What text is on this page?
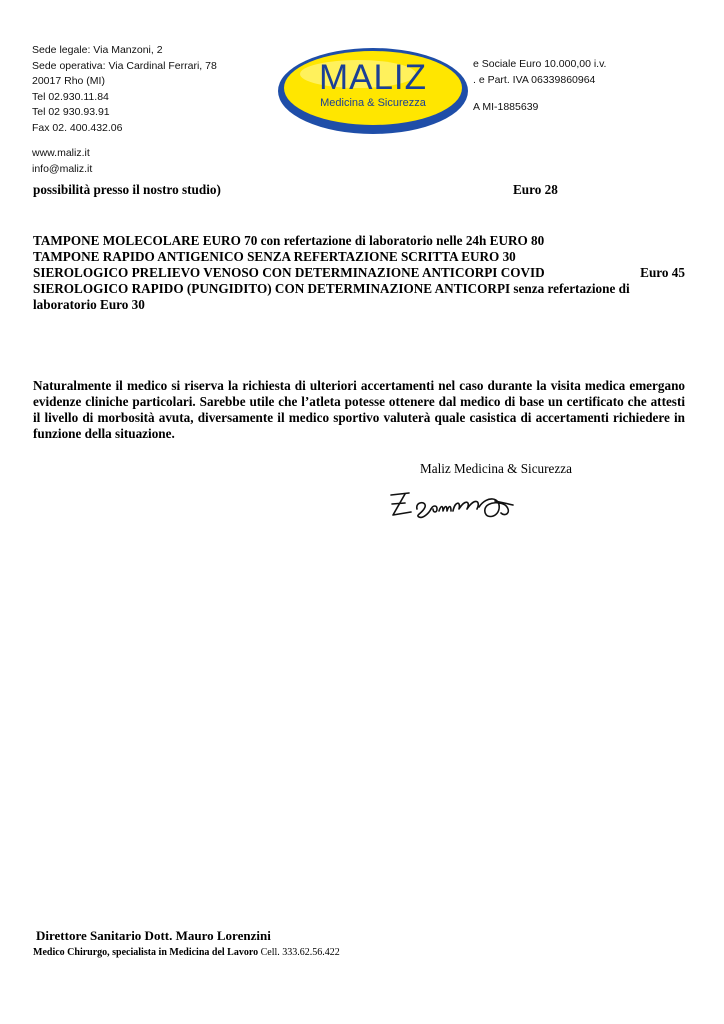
Sede legale: Via Manzoni, 2
Sede operativa: Via Cardinal Ferrari, 78
20017 Rho (MI)
Tel 02.930.11.84
Tel 02 930.93.91
Fax 02. 400.432.06
www.maliz.it
info@maliz.it
MALIZ
Medicina & Sicurezza
e Sociale Euro 10.000,00 i.v.
. e Part. IVA 06339860964
A MI-1885639
possibilità presso il nostro studio)	Euro 28
TAMPONE MOLECOLARE EURO 70 con refertazione di laboratorio nelle 24h EURO 80
TAMPONE RAPIDO ANTIGENICO SENZA REFERTAZIONE SCRITTA EURO 30
SIEROLOGICO PRELIEVO VENOSO CON DETERMINAZIONE ANTICORPI COVID	Euro 45
SIEROLOGICO RAPIDO (PUNGIDITO) CON DETERMINAZIONE ANTICORPI senza refertazione di laboratorio Euro 30
Naturalmente il medico si riserva la richiesta di ulteriori accertamenti nel caso durante la visita medica emergano evidenze cliniche particolari. Sarebbe utile che l’atleta potesse ottenere dal medico di base un certificato che attesti il livello di morbosità avuta, diversamente il medico sportivo valuterà quale casistica di accertamenti richiedere in funzione della situazione.
Maliz Medicina & Sicurezza
Direttore Sanitario Dott. Mauro Lorenzini
Medico Chirurgo, specialista in Medicina del Lavoro Cell. 333.62.56.422
